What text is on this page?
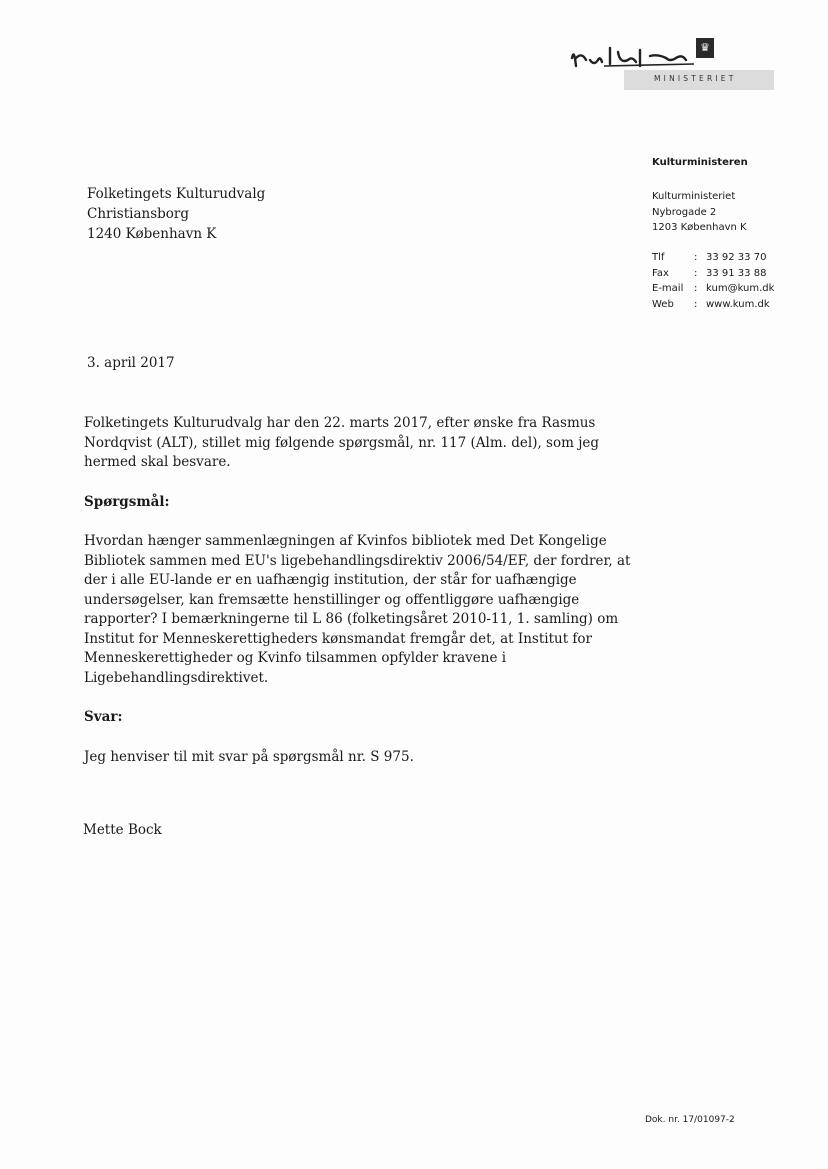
♛
MINISTERIET
Kulturministeren
Kulturministeriet
Nybrogade 2
1203 København K
Tlf	: 33 92 33 70
Fax	: 33 91 33 88
E-mail	: kum@kum.dk
Web	: www.kum.dk
Folketingets Kulturudvalg
Christiansborg
1240 København K
3. april 2017

Folketingets Kulturudvalg har den 22. marts 2017, efter ønske fra Rasmus Nordqvist (ALT), stillet mig følgende spørgsmål, nr. 117 (Alm. del), som jeg hermed skal besvare.

Spørgsmål:

Hvordan hænger sammenlægningen af Kvinfos bibliotek med Det Kongelige Bibliotek sammen med EU's ligebehandlingsdirektiv 2006/54/EF, der fordrer, at der i alle EU-lande er en uafhængig institution, der står for uafhængige undersøgelser, kan fremsætte henstillinger og offentliggøre uafhængige rapporter? I bemærkningerne til L 86 (folketingsåret 2010-11, 1. samling) om Institut for Menneskerettigheders kønsmandat fremgår det, at Institut for Menneskerettigheder og Kvinfo tilsammen opfylder kravene i Ligebehandlingsdirektivet.

Svar:

Jeg henviser til mit svar på spørgsmål nr. S 975.

Mette Bock
Dok. nr. 17/01097-2
